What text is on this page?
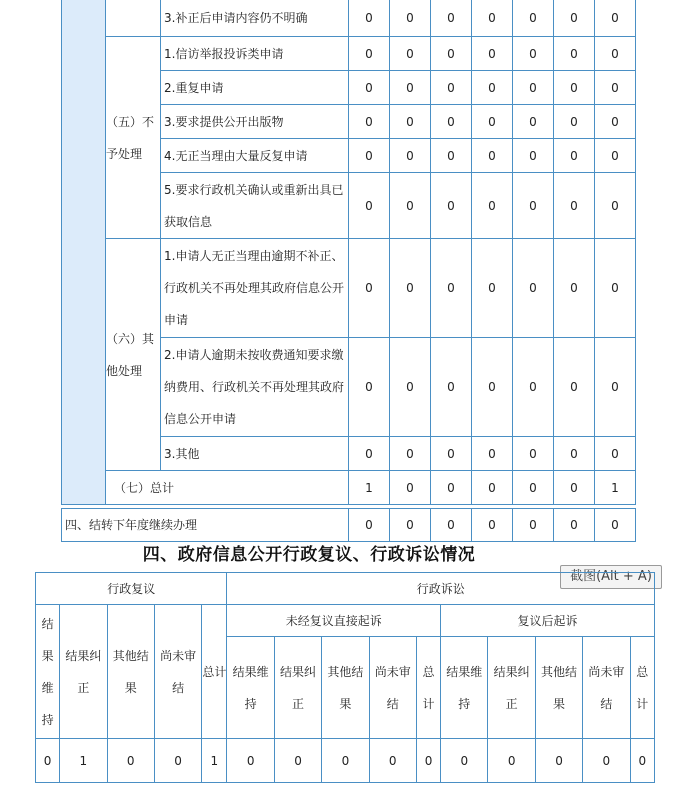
		3.补正后申请内容仍不明确	0	0	0	0	0	0	0
	（五）不予处理	1.信访举报投诉类申请	0	0	0	0	0	0	0
		2.重复申请	0	0	0	0	0	0	0
		3.要求提供公开出版物	0	0	0	0	0	0	0
		4.无正当理由大量反复申请	0	0	0	0	0	0	0
		5.要求行政机关确认或重新出具已获取信息	0	0	0	0	0	0	0
	（六）其他处理	1.申请人无正当理由逾期不补正、行政机关不再处理其政府信息公开申请	0	0	0	0	0	0	0
		2.申请人逾期未按收费通知要求缴纳费用、行政机关不再处理其政府信息公开申请	0	0	0	0	0	0	0
		3.其他	0	0	0	0	0	0	0
	（七）总计		1	0	0	0	0	0	1
四、结转下年度继续办理	0	0	0	0	0	0	0
四、政府信息公开行政复议、行政诉讼情况
截图(Alt + A)
行政复议					行政诉讼									
结果维持	结果纠正	其他结果	尚未审结	总计	未经复议直接起诉					复议后起诉				
					结果维持	结果纠正	其他结果	尚未审结	总计	结果维持	结果纠正	其他结果	尚未审结	总计
0	1	0	0	1	0	0	0	0	0	0	0	0	0	0
